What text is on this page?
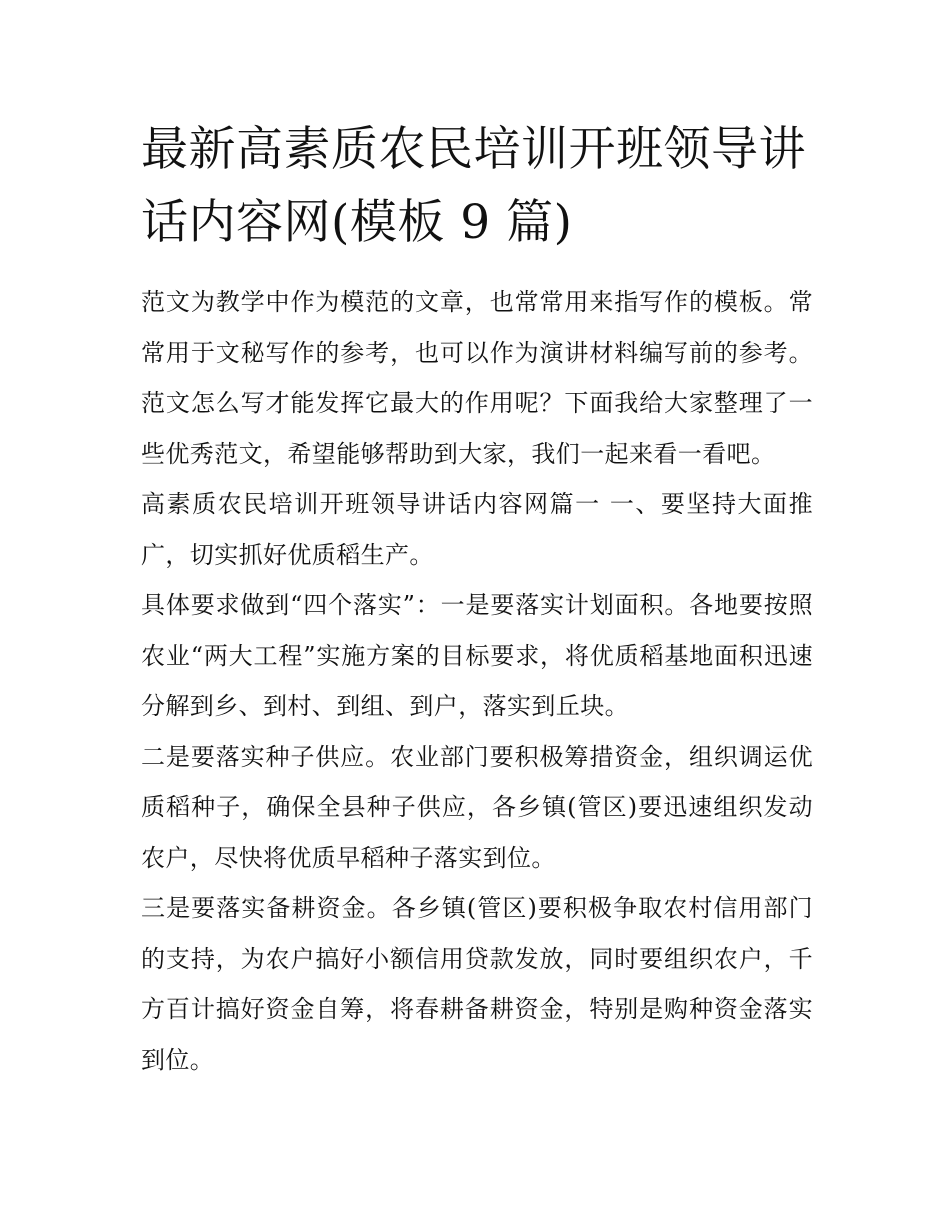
最新高素质农民培训开班领导讲话内容网(模板 9 篇)

范文为教学中作为模范的文章，也常常用来指写作的模板。常常用于文秘写作的参考，也可以作为演讲材料编写前的参考。范文怎么写才能发挥它最大的作用呢？下面我给大家整理了一些优秀范文，希望能够帮助到大家，我们一起来看一看吧。

高素质农民培训开班领导讲话内容网篇一 一、要坚持大面推广，切实抓好优质稻生产。

具体要求做到“四个落实”：一是要落实计划面积。各地要按照农业“两大工程”实施方案的目标要求，将优质稻基地面积迅速分解到乡、到村、到组、到户，落实到丘块。

二是要落实种子供应。农业部门要积极筹措资金，组织调运优质稻种子，确保全县种子供应，各乡镇(管区)要迅速组织发动农户，尽快将优质早稻种子落实到位。

三是要落实备耕资金。各乡镇(管区)要积极争取农村信用部门的支持，为农户搞好小额信用贷款发放，同时要组织农户，千方百计搞好资金自筹，将春耕备耕资金，特别是购种资金落实到位。
